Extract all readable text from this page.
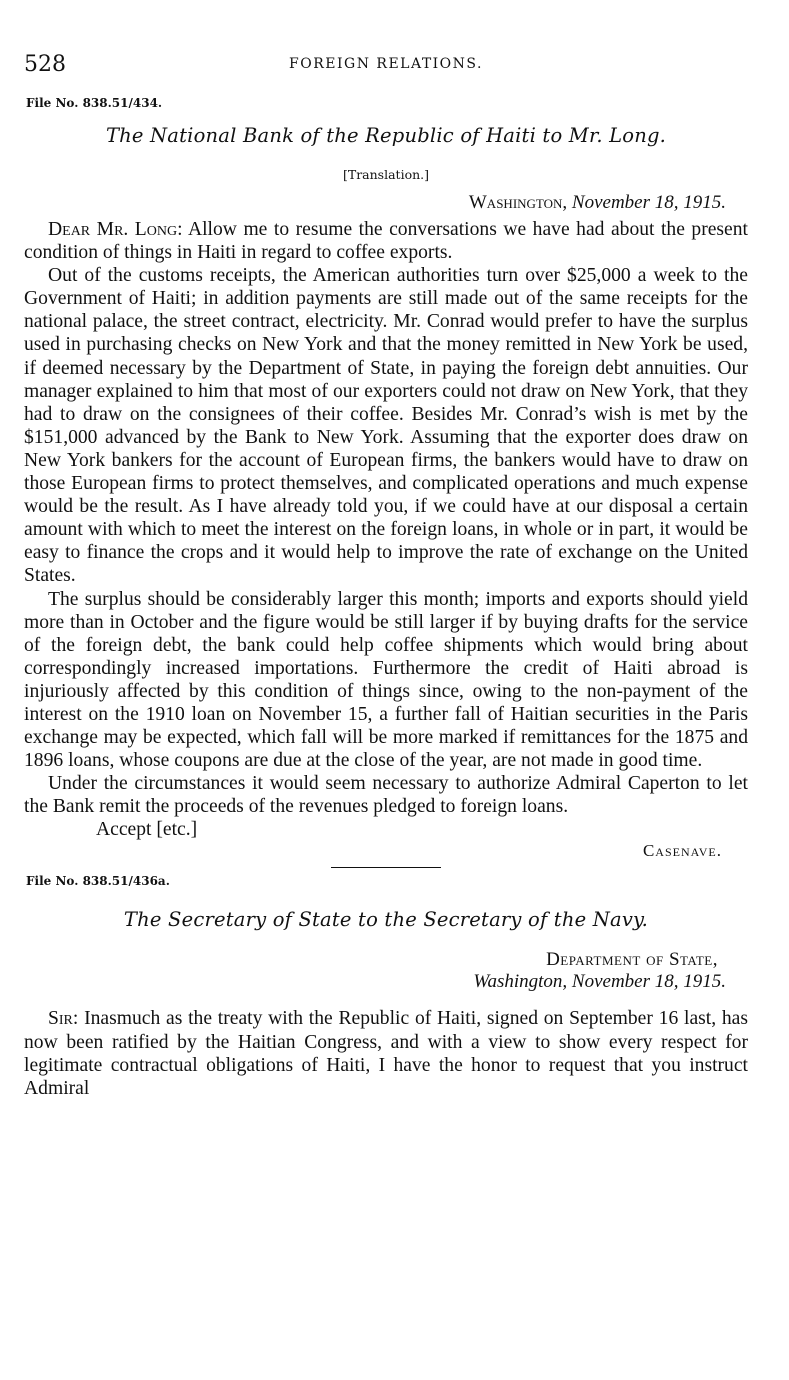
528	FOREIGN RELATIONS.
File No. 838.51/434.
The National Bank of the Republic of Haiti to Mr. Long.
[Translation.]
Washington, November 18, 1915.

Dear Mr. Long: Allow me to resume the conversations we have had about the present condition of things in Haiti in regard to coffee exports.

Out of the customs receipts, the American authorities turn over $25,000 a week to the Government of Haiti; in addition payments are still made out of the same receipts for the national palace, the street contract, electricity. Mr. Conrad would prefer to have the surplus used in purchasing checks on New York and that the money remitted in New York be used, if deemed necessary by the Department of State, in paying the foreign debt annuities. Our manager explained to him that most of our exporters could not draw on New York, that they had to draw on the consignees of their coffee. Besides Mr. Conrad’s wish is met by the $151,000 advanced by the Bank to New York. Assuming that the exporter does draw on New York bankers for the account of European firms, the bankers would have to draw on those European firms to protect themselves, and complicated operations and much expense would be the result. As I have already told you, if we could have at our disposal a certain amount with which to meet the interest on the foreign loans, in whole or in part, it would be easy to finance the crops and it would help to improve the rate of exchange on the United States.

The surplus should be considerably larger this month; imports and exports should yield more than in October and the figure would be still larger if by buying drafts for the service of the foreign debt, the bank could help coffee shipments which would bring about correspondingly increased importations. Furthermore the credit of Haiti abroad is injuriously affected by this condition of things since, owing to the non-payment of the interest on the 1910 loan on November 15, a further fall of Haitian securities in the Paris exchange may be expected, which fall will be more marked if remittances for the 1875 and 1896 loans, whose coupons are due at the close of the year, are not made in good time.

Under the circumstances it would seem necessary to authorize Admiral Caperton to let the Bank remit the proceeds of the revenues pledged to foreign loans.

Accept [etc.]
Casenave.
File No. 838.51/436a.
The Secretary of State to the Secretary of the Navy.
Department of State,
Washington, November 18, 1915.

Sir: Inasmuch as the treaty with the Republic of Haiti, signed on September 16 last, has now been ratified by the Haitian Congress, and with a view to show every respect for legitimate contractual obligations of Haiti, I have the honor to request that you instruct Admiral
